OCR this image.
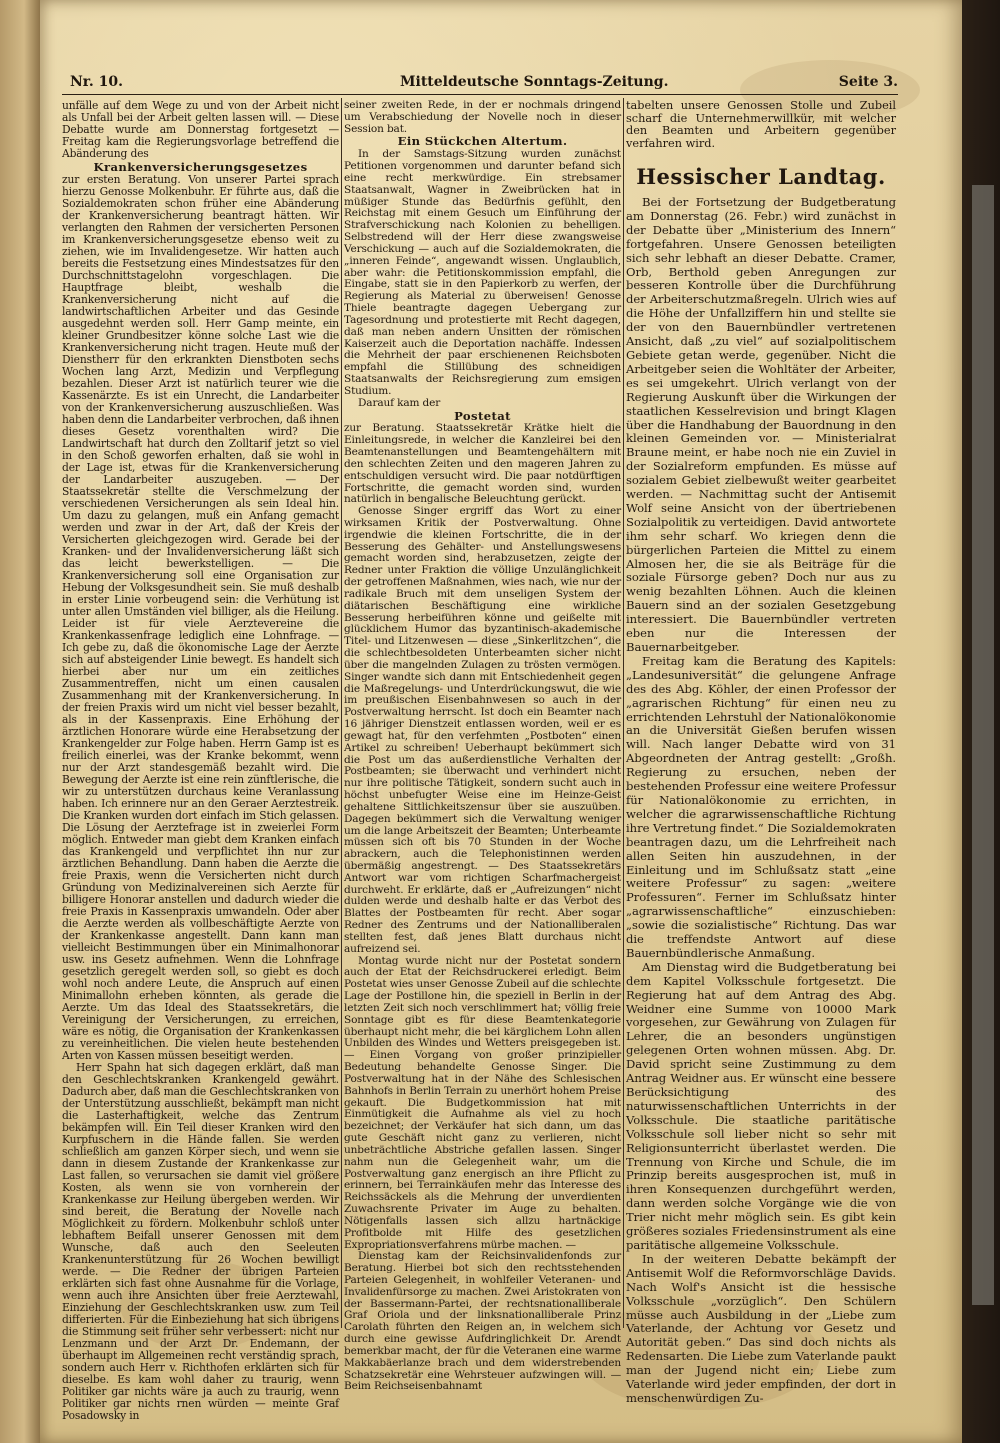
Nr. 10.	Mitteldeutsche Sonntags-Zeitung.	Seite 3.

unfälle auf dem Wege zu und von der Arbeit nicht als Unfall bei der Arbeit gelten lassen will. — Diese Debatte wurde am Donnerstag fortgesetzt — Freitag kam die Regierungsvorlage betreffend die Abänderung des

Krankenversicherungsgesetzes

zur ersten Beratung. Von unserer Partei sprach hierzu Genosse Molkenbuhr. Er führte aus, daß die Sozialdemokraten schon früher eine Abänderung der Krankenversicherung beantragt hätten. Wir verlangten den Rahmen der versicherten Personen im Krankenversicherungsgesetze ebenso weit zu ziehen, wie im Invalidengesetze. Wir hatten auch bereits die Festsetzung eines Mindestsatzes für den Durchschnittstagelohn vorgeschlagen. Die Hauptfrage bleibt, weshalb die Krankenversicherung nicht auf die landwirtschaftlichen Arbeiter und das Gesinde ausgedehnt werden soll. Herr Gamp meinte, ein kleiner Grundbesitzer könne solche Last wie die Krankenversicherung nicht tragen. Heute muß der Dienstherr für den erkrankten Dienstboten sechs Wochen lang Arzt, Medizin und Verpflegung bezahlen. Dieser Arzt ist natürlich teurer wie die Kassenärzte. Es ist ein Unrecht, die Landarbeiter von der Krankenversicherung auszuschließen. Was haben denn die Landarbeiter verbrochen, daß ihnen dieses Gesetz vorenthalten wird? Die Landwirtschaft hat durch den Zolltarif jetzt so viel in den Schoß geworfen erhalten, daß sie wohl in der Lage ist, etwas für die Krankenversicherung der Landarbeiter auszugeben. — Der Staatssekretär stellte die Verschmelzung der verschiedenen Versicherungen als sein Ideal hin. Um dazu zu gelangen, muß ein Anfang gemacht werden und zwar in der Art, daß der Kreis der Versicherten gleichgezogen wird. Gerade bei der Kranken- und der Invalidenversicherung läßt sich das leicht bewerkstelligen. — Die Krankenversicherung soll eine Organisation zur Hebung der Volksgesundheit sein. Sie muß deshalb in erster Linie vorbeugend sein: die Verhütung ist unter allen Umständen viel billiger, als die Heilung. Leider ist für viele Aerztevereine die Krankenkassenfrage lediglich eine Lohnfrage. — Ich gebe zu, daß die ökonomische Lage der Aerzte sich auf absteigender Linie bewegt. Es handelt sich hierbei aber nur um ein zeitliches Zusammentreffen, nicht um einen causalen Zusammenhang mit der Krankenversicherung. In der freien Praxis wird um nicht viel besser bezahlt, als in der Kassenpraxis. Eine Erhöhung der ärztlichen Honorare würde eine Herabsetzung der Krankengelder zur Folge haben. Herrn Gamp ist es freilich einerlei, was der Kranke bekommt, wenn nur der Arzt standesgemäß bezahlt wird. Die Bewegung der Aerzte ist eine rein zünftlerische, die wir zu unterstützen durchaus keine Veranlassung haben. Ich erinnere nur an den Geraer Aerztestreik. Die Kranken wurden dort einfach im Stich gelassen. Die Lösung der Aerztefrage ist in zweierlei Form möglich. Entweder man giebt dem Kranken einfach das Krankengeld und verpflichtet ihn nur zur ärztlichen Behandlung. Dann haben die Aerzte die freie Praxis, wenn die Versicherten nicht durch Gründung von Medizinalvereinen sich Aerzte für billigere Honorar anstellen und dadurch wieder die freie Praxis in Kassenpraxis umwandeln. Oder aber die Aerzte werden als vollbeschäftigte Aerzte von der Krankenkasse angestellt. Dann kann man vielleicht Bestimmungen über ein Minimalhonorar usw. ins Gesetz aufnehmen. Wenn die Lohnfrage gesetzlich geregelt werden soll, so giebt es doch wohl noch andere Leute, die Anspruch auf einen Minimallohn erheben könnten, als gerade die Aerzte. Um das Ideal des Staatssekretärs, die Vereinigung der Versicherungen, zu erreichen, wäre es nötig, die Organisation der Krankenkassen zu vereinheitlichen. Die vielen heute bestehenden Arten von Kassen müssen beseitigt werden.

Herr Spahn hat sich dagegen erklärt, daß man den Geschlechtskranken Krankengeld gewährt. Dadurch aber, daß man die Geschlechtskranken von der Unterstützung ausschließt, bekämpft man nicht die Lasterhaftigkeit, welche das Zentrum bekämpfen will. Ein Teil dieser Kranken wird den Kurpfuschern in die Hände fallen. Sie werden schließlich am ganzen Körper siech, und wenn sie dann in diesem Zustande der Krankenkasse zur Last fallen, so verursachen sie damit viel größere Kosten, als wenn sie von vornherein der Krankenkasse zur Heilung übergeben werden. Wir sind bereit, die Beratung der Novelle nach Möglichkeit zu fördern. Molkenbuhr schloß unter lebhaftem Beifall unserer Genossen mit dem Wunsche, daß auch den Seeleuten Krankenunterstützung für 26 Wochen bewilligt werde. — Die Redner der übrigen Parteien erklärten sich fast ohne Ausnahme für die Vorlage, wenn auch ihre Ansichten über freie Aerztewahl, Einziehung der Geschlechtskranken usw. zum Teil differierten. Für die Einbeziehung hat sich übrigens die Stimmung seit früher sehr verbessert: nicht nur Lenzmann und der Arzt Dr. Endemann, der überhaupt im Allgemeinen recht verständig sprach, sondern auch Herr v. Richthofen erklärten sich für dieselbe. Es kam wohl daher zu traurig, wenn Politiker gar nichts wäre ja auch zu traurig, wenn Politiker gar nichts rnen würden — meinte Graf Posadowsky in

seiner zweiten Rede, in der er nochmals dringend um Verabschiedung der Novelle noch in dieser Session bat.

Ein Stückchen Altertum.

In der Samstags-Sitzung wurden zunächst Petitionen vorgenommen und darunter befand sich eine recht merkwürdige. Ein strebsamer Staatsanwalt, Wagner in Zweibrücken hat in müßiger Stunde das Bedürfnis gefühlt, den Reichstag mit einem Gesuch um Einführung der Strafverschickung nach Kolonien zu behelligen. Selbstredend will der Herr diese zwangsweise Verschickung — auch auf die Sozialdemokraten, die „inneren Feinde“, angewandt wissen. Unglaublich, aber wahr: die Petitionskommission empfahl, die Eingabe, statt sie in den Papierkorb zu werfen, der Regierung als Material zu überweisen! Genosse Thiele beantragte dagegen Uebergang zur Tagesordnung und protestierte mit Recht dagegen, daß man neben andern Unsitten der römischen Kaiserzeit auch die Deportation nachäffe. Indessen die Mehrheit der paar erschienenen Reichsboten empfahl die Stillübung des schneidigen Staatsanwalts der Reichsregierung zum emsigen Studium.

Darauf kam der

Postetat

zur Beratung. Staatssekretär Krätke hielt die Einleitungsrede, in welcher die Kanzleirei bei den Beamtenanstellungen und Beamtengehältern mit den schlechten Zeiten und den mageren Jahren zu entschuldigen versucht wird. Die paar notdürftigen Fortschritte, die gemacht worden sind, wurden natürlich in bengalische Beleuchtung gerückt.

Genosse Singer ergriff das Wort zu einer wirksamen Kritik der Postverwaltung. Ohne irgendwie die kleinen Fortschritte, die in der Besserung des Gehälter- und Anstellungswesens gemacht worden sind, herabzusetzen, zeigte der Redner unter Fraktion die völlige Unzulänglichkeit der getroffenen Maßnahmen, wies nach, wie nur der radikale Bruch mit dem unseligen System der diätarischen Beschäftigung eine wirkliche Besserung herbeiführen könne und geißelte mit glücklichem Humor das byzantinisch-akademische Titel- und Litzenwesen — diese „Sinkerlitzchen“, die die schlechtbesoldeten Unterbeamten sicher nicht über die mangelnden Zulagen zu trösten vermögen. Singer wandte sich dann mit Entschiedenheit gegen die Maßregelungs- und Unterdrückungswut, die wie im preußischen Eisenbahnwesen so auch in der Postverwaltung herrscht. Ist doch ein Beamter nach 16 jähriger Dienstzeit entlassen worden, weil er es gewagt hat, für den verfehmten „Postboten“ einen Artikel zu schreiben! Ueberhaupt bekümmert sich die Post um das außerdienstliche Verhalten der Postbeamten; sie überwacht und verhindert nicht nur ihre politische Tätigkeit, sondern sucht auch in höchst unbefugter Weise eine im Heinze-Geist gehaltene Sittlichkeitszensur über sie auszuüben. Dagegen bekümmert sich die Verwaltung weniger um die lange Arbeitszeit der Beamten; Unterbeamte müssen sich oft bis 70 Stunden in der Woche abrackern, auch die Telephonistinnen werden übermäßig angestrengt. — Des Staatssekretärs Antwort war vom richtigen Scharfmachergeist durchweht. Er erklärte, daß er „Aufreizungen“ nicht dulden werde und deshalb halte er das Verbot des Blattes der Postbeamten für recht. Aber sogar Redner des Zentrums und der Nationalliberalen stellten fest, daß jenes Blatt durchaus nicht aufreizend sei.

Montag wurde nicht nur der Postetat sondern auch der Etat der Reichsdruckerei erledigt. Beim Postetat wies unser Genosse Zubeil auf die schlechte Lage der Postillone hin, die speziell in Berlin in der letzten Zeit sich noch verschlimmert hat; völlig freie Sonntage gibt es für diese Beamtenkategorie überhaupt nicht mehr, die bei kärglichem Lohn allen Unbilden des Windes und Wetters preisgegeben ist. — Einen Vorgang von großer prinzipieller Bedeutung behandelte Genosse Singer. Die Postverwaltung hat in der Nähe des Schlesischen Bahnhofs in Berlin Terrain zu unerhört hohem Preise gekauft. Die Budgetkommission hat mit Einmütigkeit die Aufnahme als viel zu hoch bezeichnet; der Verkäufer hat sich dann, um das gute Geschäft nicht ganz zu verlieren, nicht unbeträchtliche Abstriche gefallen lassen. Singer nahm nun die Gelegenheit wahr, um die Postverwaltung ganz energisch an ihre Pflicht zu erinnern, bei Terrainkäufen mehr das Interesse des Reichssäckels als die Mehrung der unverdienten Zuwachsrente Privater im Auge zu behalten. Nötigenfalls lassen sich allzu hartnäckige Profitbolde mit Hilfe des gesetzlichen Expropriationsverfahrens mürbe machen. —

Dienstag kam der Reichsinvalidenfonds zur Beratung. Hierbei bot sich den rechtsstehenden Parteien Gelegenheit, in wohlfeiler Veteranen- und Invalidenfürsorge zu machen. Zwei Aristokraten von der Bassermann-Partei, der rechtsnationalliberale Graf Oriola und der linksnationalliberale Prinz Carolath führten den Reigen an, in welchem sich durch eine gewisse Aufdringlichkeit Dr. Arendt bemerkbar macht, der für die Veteranen eine warme Makkabäerlanze brach und dem widerstrebenden Schatzsekretär eine Wehrsteuer aufzwingen will. — Beim Reichseisenbahnamt

tabelten unsere Genossen Stolle und Zubeil scharf die Unternehmerwillkür, mit welcher den Beamten und Arbeitern gegenüber verfahren wird.

Hessischer Landtag.

Bei der Fortsetzung der Budgetberatung am Donnerstag (26. Febr.) wird zunächst in der Debatte über „Ministerium des Innern“ fortgefahren. Unsere Genossen beteiligten sich sehr lebhaft an dieser Debatte. Cramer, Orb, Berthold geben Anregungen zur besseren Kontrolle über die Durchführung der Arbeiterschutzmaßregeln. Ulrich wies auf die Höhe der Unfallziffern hin und stellte sie der von den Bauernbündler vertretenen Ansicht, daß „zu viel“ auf sozialpolitischem Gebiete getan werde, gegenüber. Nicht die Arbeitgeber seien die Wohltäter der Arbeiter, es sei umgekehrt. Ulrich verlangt von der Regierung Auskunft über die Wirkungen der staatlichen Kesselrevision und bringt Klagen über die Handhabung der Bauordnung in den kleinen Gemeinden vor. — Ministerialrat Braune meint, er habe noch nie ein Zuviel in der Sozialreform empfunden. Es müsse auf sozialem Gebiet zielbewußt weiter gearbeitet werden. — Nachmittag sucht der Antisemit Wolf seine Ansicht von der übertriebenen Sozialpolitik zu verteidigen. David antwortete ihm sehr scharf. Wo kriegen denn die bürgerlichen Parteien die Mittel zu einem Almosen her, die sie als Beiträge für die soziale Fürsorge geben? Doch nur aus zu wenig bezahlten Löhnen. Auch die kleinen Bauern sind an der sozialen Gesetzgebung interessiert. Die Bauernbündler vertreten eben nur die Interessen der Bauernarbeitgeber.

Freitag kam die Beratung des Kapitels: „Landesuniversität“ die gelungene Anfrage des des Abg. Köhler, der einen Professor der „agrarischen Richtung“ für einen neu zu errichtenden Lehrstuhl der Nationalökonomie an die Universität Gießen berufen wissen will. Nach langer Debatte wird von 31 Abgeordneten der Antrag gestellt: „Großh. Regierung zu ersuchen, neben der bestehenden Professur eine weitere Professur für Nationalökonomie zu errichten, in welcher die agrarwissenschaftliche Richtung ihre Vertretung findet.“ Die Sozialdemokraten beantragen dazu, um die Lehrfreiheit nach allen Seiten hin auszudehnen, in der Einleitung und im Schlußsatz statt „eine weitere Professur“ zu sagen: „weitere Professuren“. Ferner im Schlußsatz hinter „agrarwissenschaftliche“ einzuschieben: „sowie die sozialistische“ Richtung. Das war die treffendste Antwort auf diese Bauernbündlerische Anmaßung.

Am Dienstag wird die Budgetberatung bei dem Kapitel Volksschule fortgesetzt. Die Regierung hat auf dem Antrag des Abg. Weidner eine Summe von 10000 Mark vorgesehen, zur Gewährung von Zulagen für Lehrer, die an besonders ungünstigen gelegenen Orten wohnen müssen. Abg. Dr. David spricht seine Zustimmung zu dem Antrag Weidner aus. Er wünscht eine bessere Berücksichtigung des naturwissenschaftlichen Unterrichts in der Volksschule. Die staatliche paritätische Volksschule soll lieber nicht so sehr mit Religionsunterricht überlastet werden. Die Trennung von Kirche und Schule, die im Prinzip bereits ausgesprochen ist, muß in ihren Konsequenzen durchgeführt werden, dann werden solche Vorgänge wie die von Trier nicht mehr möglich sein. Es gibt kein größeres soziales Friedensinstrument als eine paritätische allgemeine Volksschule.

In der weiteren Debatte bekämpft der Antisemit Wolf die Reformvorschläge Davids. Nach Wolf's Ansicht ist die hessische Volksschule „vorzüglich“. Den Schülern müsse auch Ausbildung in der „Liebe zum Vaterlande, der Achtung vor Gesetz und Autorität geben.“ Das sind doch nichts als Redensarten. Die Liebe zum Vaterlande paukt man der Jugend nicht ein; Liebe zum Vaterlande wird jeder empfinden, der dort in menschenwürdigen Zu-
